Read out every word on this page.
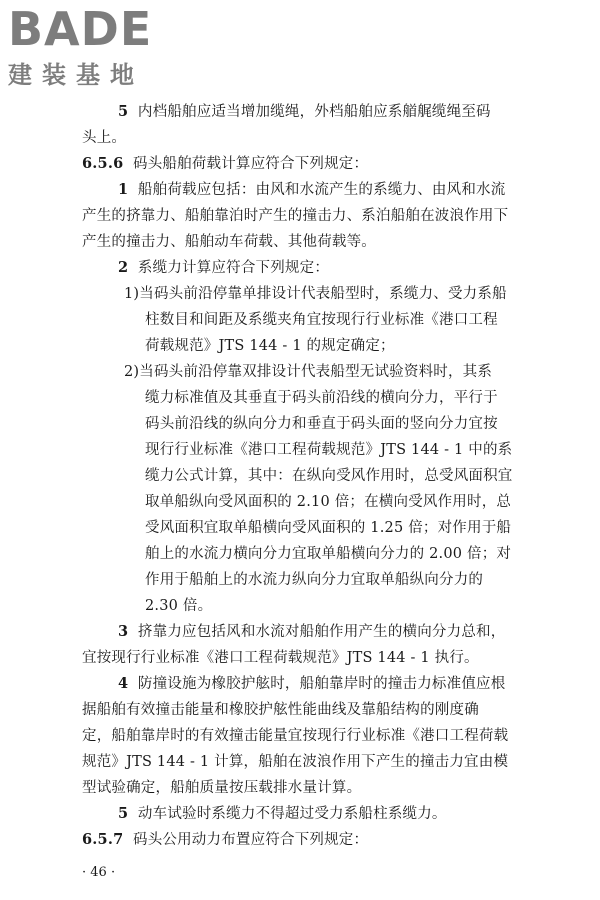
BADE
建装基地
5 内档船舶应适当增加缆绳，外档船舶应系艏艉缆绳至码
头上。
6.5.6 码头船舶荷载计算应符合下列规定：
1 船舶荷载应包括：由风和水流产生的系缆力、由风和水流
产生的挤靠力、船舶靠泊时产生的撞击力、系泊船舶在波浪作用下
产生的撞击力、船舶动车荷载、其他荷载等。
2 系缆力计算应符合下列规定：
1)当码头前沿停靠单排设计代表船型时，系缆力、受力系船
柱数目和间距及系缆夹角宜按现行行业标准《港口工程
荷载规范》JTS 144 - 1 的规定确定；
2)当码头前沿停靠双排设计代表船型无试验资料时，其系
缆力标准值及其垂直于码头前沿线的横向分力，平行于
码头前沿线的纵向分力和垂直于码头面的竖向分力宜按
现行行业标准《港口工程荷载规范》JTS 144 - 1 中的系
缆力公式计算，其中：在纵向受风作用时，总受风面积宜
取单船纵向受风面积的 2.10 倍；在横向受风作用时，总
受风面积宜取单船横向受风面积的 1.25 倍；对作用于船
舶上的水流力横向分力宜取单船横向分力的 2.00 倍；对
作用于船舶上的水流力纵向分力宜取单船纵向分力的
2.30 倍。
3 挤靠力应包括风和水流对船舶作用产生的横向分力总和，
宜按现行行业标准《港口工程荷载规范》JTS 144 - 1 执行。
4 防撞设施为橡胶护舷时，船舶靠岸时的撞击力标准值应根
据船舶有效撞击能量和橡胶护舷性能曲线及靠船结构的刚度确
定，船舶靠岸时的有效撞击能量宜按现行行业标准《港口工程荷载
规范》JTS 144 - 1 计算，船舶在波浪作用下产生的撞击力宜由模
型试验确定，船舶质量按压载排水量计算。
5 动车试验时系缆力不得超过受力系船柱系缆力。
6.5.7 码头公用动力布置应符合下列规定：
· 46 ·
